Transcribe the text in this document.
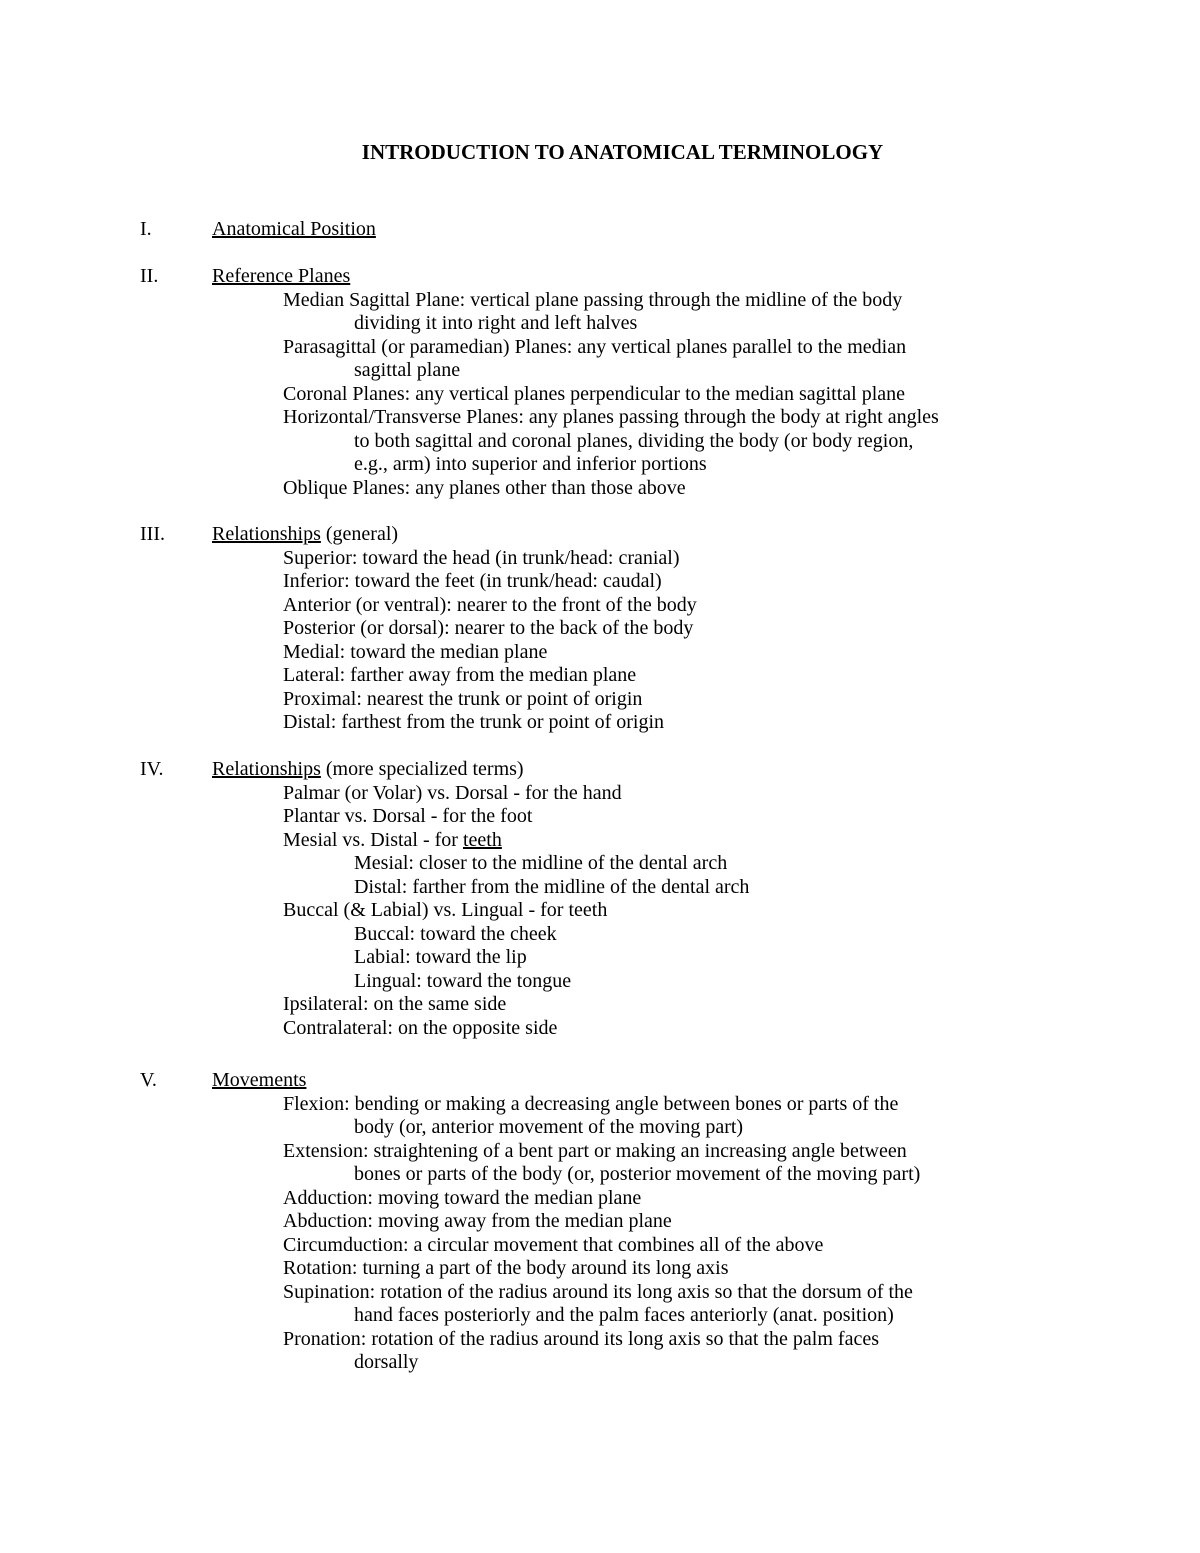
INTRODUCTION TO ANATOMICAL TERMINOLOGY
I.	Anatomical Position
II.	Reference Planes
Median Sagittal Plane: vertical plane passing through the midline of the body
dividing it into right and left halves
Parasagittal (or paramedian) Planes: any vertical planes parallel to the median
sagittal plane
Coronal Planes: any vertical planes perpendicular to the median sagittal plane
Horizontal/Transverse Planes: any planes passing through the body at right angles
to both sagittal and coronal planes, dividing the body (or body region,
e.g., arm) into superior and inferior portions
Oblique Planes: any planes other than those above
III. Relationships (general)
Superior: toward the head (in trunk/head: cranial)
Inferior: toward the feet (in trunk/head: caudal)
Anterior (or ventral): nearer to the front of the body
Posterior (or dorsal): nearer to the back of the body
Medial: toward the median plane
Lateral: farther away from the median plane
Proximal: nearest the trunk or point of origin
Distal: farthest from the trunk or point of origin
IV. Relationships (more specialized terms)
Palmar (or Volar) vs. Dorsal - for the hand
Plantar vs. Dorsal - for the foot
Mesial vs. Distal - for teeth
Mesial: closer to the midline of the dental arch
Distal: farther from the midline of the dental arch
Buccal (& Labial) vs. Lingual - for teeth
Buccal: toward the cheek
Labial: toward the lip
Lingual: toward the tongue
Ipsilateral: on the same side
Contralateral: on the opposite side
V.	Movements
Flexion: bending or making a decreasing angle between bones or parts of the
body (or, anterior movement of the moving part)
Extension: straightening of a bent part or making an increasing angle between
bones or parts of the body (or, posterior movement of the moving part)
Adduction: moving toward the median plane
Abduction: moving away from the median plane
Circumduction: a circular movement that combines all of the above
Rotation: turning a part of the body around its long axis
Supination: rotation of the radius around its long axis so that the dorsum of the
hand faces posteriorly and the palm faces anteriorly (anat. position)
Pronation: rotation of the radius around its long axis so that the palm faces
dorsally
